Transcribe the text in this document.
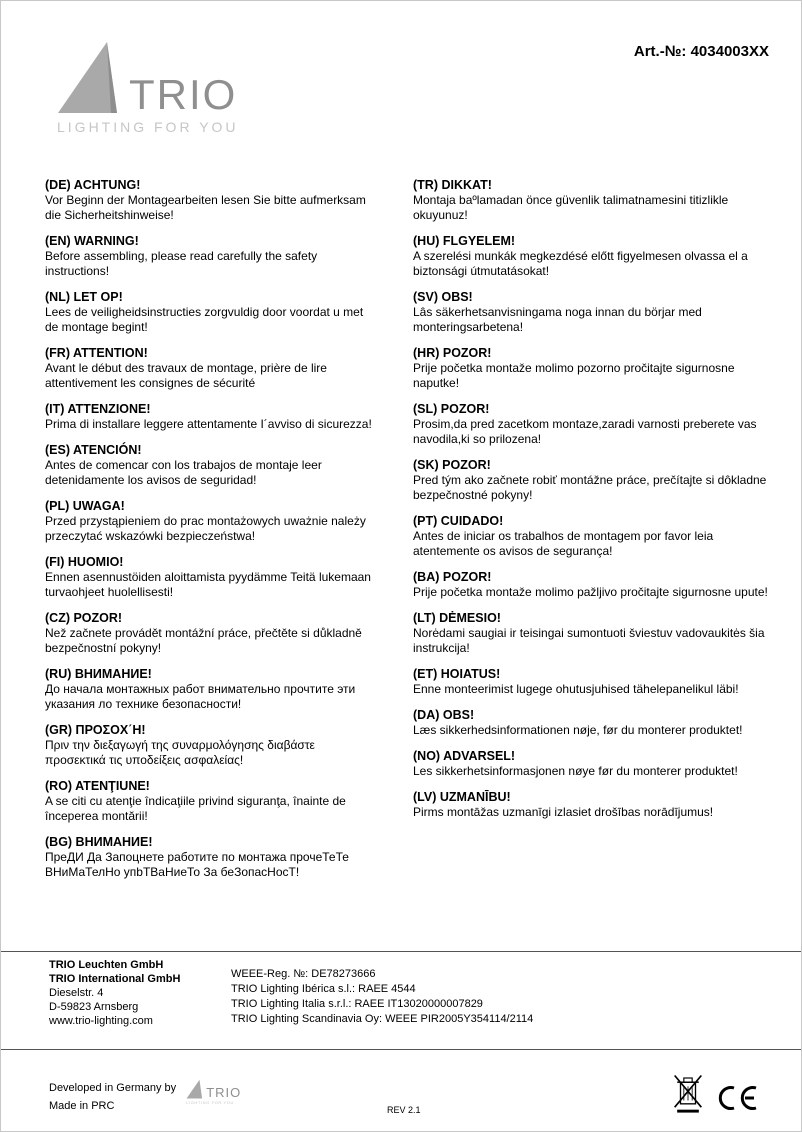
TRIO
LIGHTING FOR YOU
Art.-№: 4034003XX
(DE) ACHTUNG!
Vor Beginn der Montagearbeiten lesen Sie bitte aufmerksam die Sicherheitshinweise!
(EN) WARNING!
Before assembling, please read carefully the safety instructions!
(NL) LET OP!
Lees de veiligheidsinstructies zorgvuldig door voordat u met de montage begint!
(FR) ATTENTION!
Avant le début des travaux de montage, prière de lire attentivement les consignes de sécurité
(IT) ATTENZIONE!
Prima di installare leggere attentamente I´avviso di sicurezza!
(ES) ATENCIÓN!
Antes de comencar con los trabajos de montaje leer detenidamente los avisos de seguridad!
(PL) UWAGA!
Przed przystąpieniem do prac montażowych uważnie należy przeczytać wskazówki bezpieczeństwa!
(FI) HUOMIO!
Ennen asennustöiden aloittamista pyydämme Teitä lukemaan turvaohjeet huolellisesti!
(CZ) POZOR!
Než začnete provádět montážní práce, přečtěte si důkladně bezpečnostní pokyny!
(RU) ВНИМАНИЕ!
До начала монтажных работ внимательно прочтите эти указания ло технике безопасности!
(GR) ΠΡΟΣΟΧ΄Η!
Πριν την διεξαγωγή της συναρμολόγησης διαβάστε προσεκτικά τις υποδείξεις ασφαλείας!
(RO) ATENŢIUNE!
A se citi cu atenţie îndicaţiile privind siguranţa, înainte de începerea montării!
(BG) ВНИМАНИЕ!
ПреДИ Да Запоцнете работите по монтажа прочеТеТе ВНиМаТелНо упbТВаНиеТо За беЗопасНосТ!
(TR) DIKKAT!
Montaja baºlamadan önce güvenlik talimatnamesini titizlikle okuyunuz!
(HU) FLGYELEM!
A szerelési munkák megkezdésé előtt figyelmesen olvassa el a biztonsági útmutatásokat!
(SV) OBS!
Lâs säkerhetsanvisningama noga innan du börjar med monteringsarbetena!
(HR) POZOR!
Prije početka montaže molimo pozorno pročitajte sigurnosne naputke!
(SL) POZOR!
Prosim,da pred zacetkom montaze,zaradi varnosti preberete vas navodila,ki so prilozena!
(SK) POZOR!
Pred tým ako začnete robiť montážne práce, prečítajte si dôkladne bezpečnostné pokyny!
(PT) CUIDADO!
Antes de iniciar os trabalhos de montagem por favor leia atentemente os avisos de segurança!
(BA) POZOR!
Prije početka montaže molimo pažljivo pročitajte sigurnosne upute!
(LT) DĖMESIO!
Norėdami saugiai ir teisingai sumontuoti šviestuv vadovaukitės šia instrukcija!
(ET) HOIATUS!
Enne monteerimist lugege ohutusjuhised tähelepanelikul läbi!
(DA) OBS!
Læs sikkerhedsinformationen nøje, før du monterer produktet!
(NO) ADVARSEL!
Les sikkerhetsinformasjonen nøye før du monterer produktet!
(LV) UZMANĪBU!
Pirms montāžas uzmanīgi izlasiet drošības norādījumus!
TRIO Leuchten GmbH
TRIO International GmbH
Dieselstr. 4
D-59823 Arnsberg
www.trio-lighting.com
WEEE-Reg. №: DE78273666
TRIO Lighting Ibérica s.l.: RAEE 4544
TRIO Lighting Italia s.r.l.: RAEE IT13020000007829
TRIO Lighting Scandinavia Oy: WEEE PIR2005Y354114/2114
Developed in Germany by
Made in PRC
TRIO
LIGHTING FOR YOU
REV 2.1
